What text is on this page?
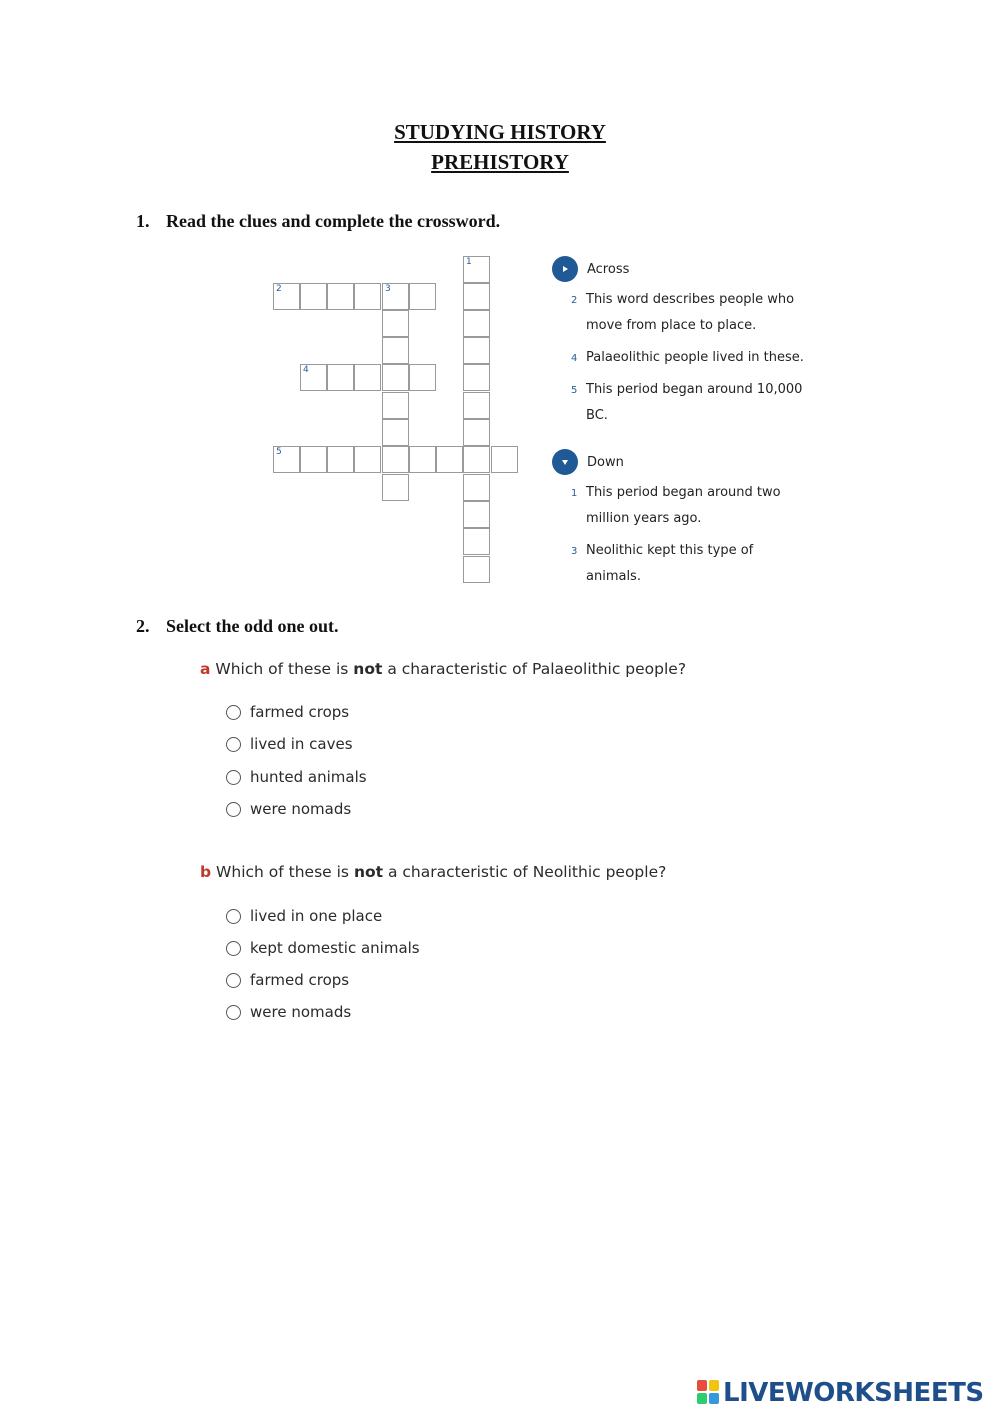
STUDYING HISTORY
PREHISTORY
1. Read the clues and complete the crossword.
1
2	3
4
5
Across
2 This word describes people who
move from place to place.
4 Palaeolithic people lived in these.
5 This period began around 10,000
BC.
Down
1 This period began around two
million years ago.
3 Neolithic kept this type of
animals.
2. Select the odd one out.
a Which of these is not a characteristic of Palaeolithic people?
farmed crops
lived in caves
hunted animals
were nomads
b Which of these is not a characteristic of Neolithic people?
lived in one place
kept domestic animals
farmed crops
were nomads
LIVEWORKSHEETS
